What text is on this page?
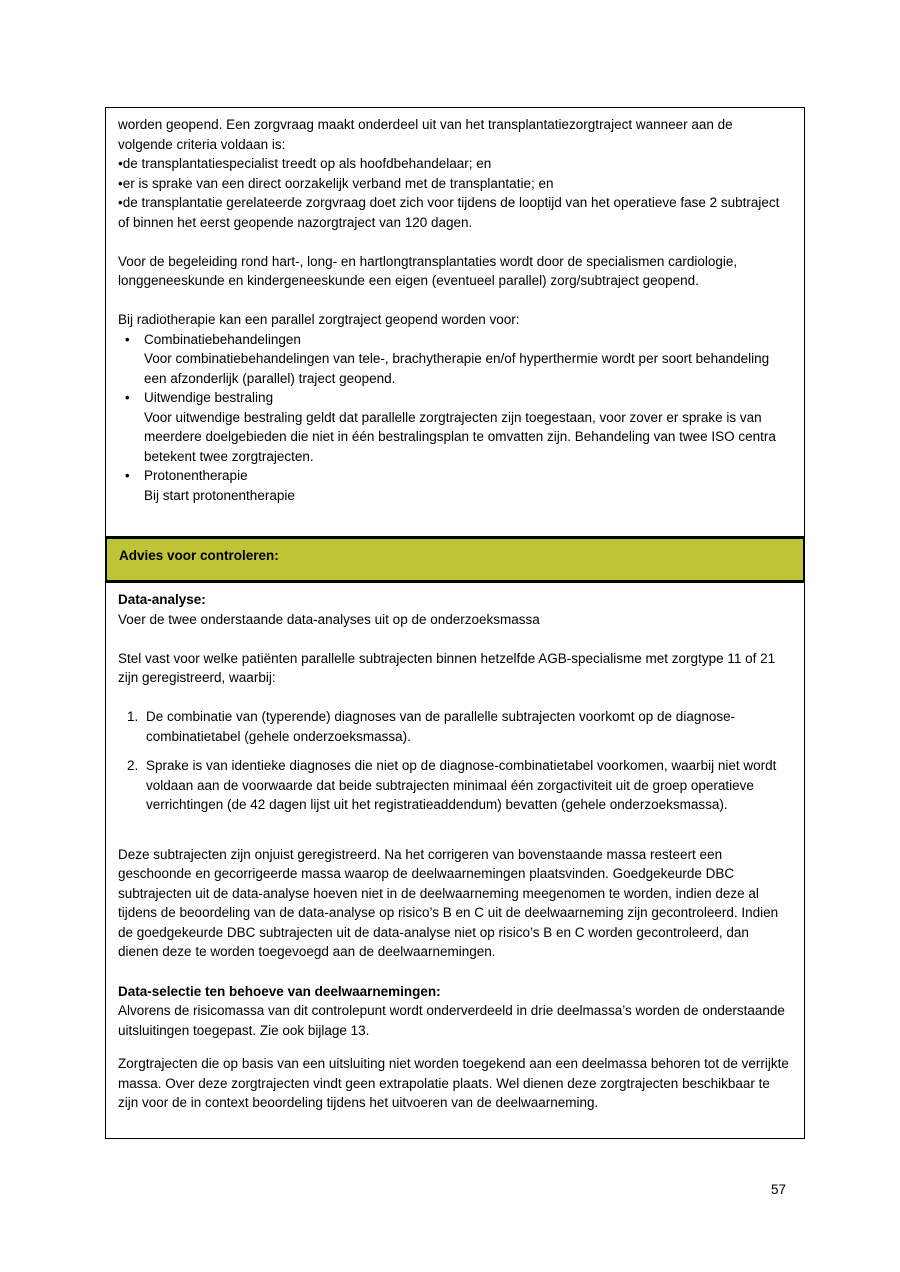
worden geopend. Een zorgvraag maakt onderdeel uit van het transplantatiezorgtraject wanneer aan de volgende criteria voldaan is:

• de transplantatiespecialist treedt op als hoofdbehandelaar; en

• er is sprake van een direct oorzakelijk verband met de transplantatie; en

• de transplantatie gerelateerde zorgvraag doet zich voor tijdens de looptijd van het operatieve fase 2 subtraject of binnen het eerst geopende nazorgtraject van 120 dagen.

Voor de begeleiding rond hart-, long- en hartlongtransplantaties wordt door de specialismen cardiologie, longgeneeskunde en kindergeneeskunde een eigen (eventueel parallel) zorg/subtraject geopend.

Bij radiotherapie kan een parallel zorgtraject geopend worden voor:

•
Combinatiebehandelingen
Voor combinatiebehandelingen van tele-, brachytherapie en/of hyperthermie wordt per soort behandeling een afzonderlijk (parallel) traject geopend.
•
Uitwendige bestraling
Voor uitwendige bestraling geldt dat parallelle zorgtrajecten zijn toegestaan, voor zover er sprake is van meerdere doelgebieden die niet in één bestralingsplan te omvatten zijn. Behandeling van twee ISO centra betekent twee zorgtrajecten.
•
Protonentherapie
Bij start protonentherapie
Advies voor controleren:

Data-analyse:

Voer de twee onderstaande data-analyses uit op de onderzoeksmassa

Stel vast voor welke patiënten parallelle subtrajecten binnen hetzelfde AGB-specialisme met zorgtype 11 of 21 zijn geregistreerd, waarbij:

1. De combinatie van (typerende) diagnoses van de parallelle subtrajecten voorkomt op de diagnose-combinatietabel (gehele onderzoeksmassa).
2. Sprake is van identieke diagnoses die niet op de diagnose-combinatietabel voorkomen, waarbij niet wordt voldaan aan de voorwaarde dat beide subtrajecten minimaal één zorgactiviteit uit de groep operatieve verrichtingen (de 42 dagen lijst uit het registratieaddendum) bevatten (gehele onderzoeksmassa).

Deze subtrajecten zijn onjuist geregistreerd. Na het corrigeren van bovenstaande massa resteert een geschoonde en gecorrigeerde massa waarop de deelwaarnemingen plaatsvinden. Goedgekeurde DBC subtrajecten uit de data-analyse hoeven niet in de deelwaarneming meegenomen te worden, indien deze al tijdens de beoordeling van de data-analyse op risico’s B en C uit de deelwaarneming zijn gecontroleerd. Indien de goedgekeurde DBC subtrajecten uit de data-analyse niet op risico’s B en C worden gecontroleerd, dan dienen deze te worden toegevoegd aan de deelwaarnemingen.

Data-selectie ten behoeve van deelwaarnemingen:

Alvorens de risicomassa van dit controlepunt wordt onderverdeeld in drie deelmassa’s worden de onderstaande uitsluitingen toegepast. Zie ook bijlage 13.

Zorgtrajecten die op basis van een uitsluiting niet worden toegekend aan een deelmassa behoren tot de verrijkte massa. Over deze zorgtrajecten vindt geen extrapolatie plaats. Wel dienen deze zorgtrajecten beschikbaar te zijn voor de in context beoordeling tijdens het uitvoeren van de deelwaarneming.

57
